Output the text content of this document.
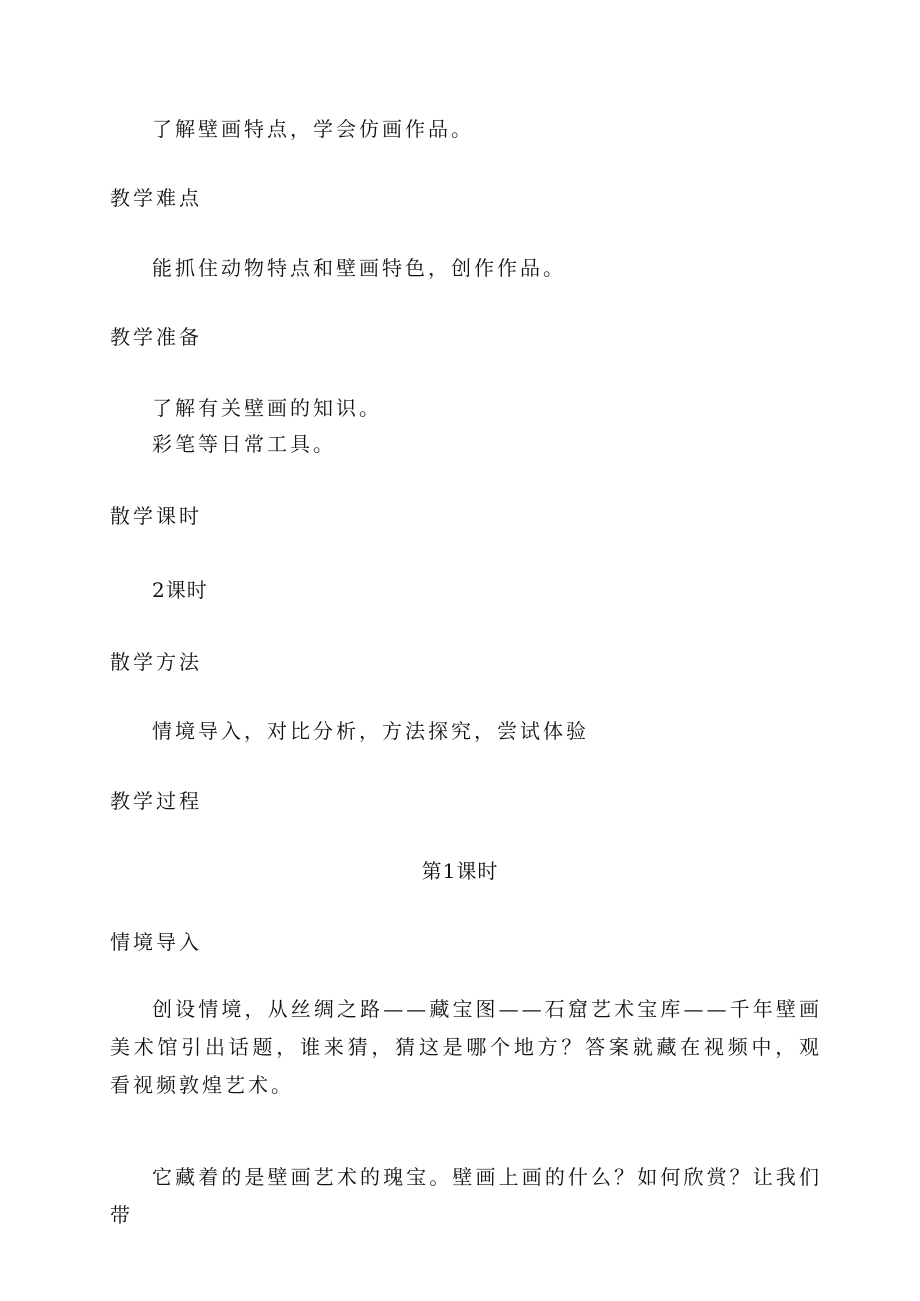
了解壁画特点，学会仿画作品。
教学难点
能抓住动物特点和壁画特色，创作作品。
教学准备
了解有关壁画的知识。
彩笔等日常工具。
散学课时
2课时
散学方法
情境导入，对比分析，方法探究，尝试体验
教学过程
第1课时
情境导入
创设情境，从丝绸之路——藏宝图——石窟艺术宝库——千年壁画美术馆引出话题，谁来猜，猜这是哪个地方？答案就藏在视频中，观看视频敦煌艺术。
它藏着的是壁画艺术的瑰宝。壁画上画的什么？如何欣赏？让我们带
